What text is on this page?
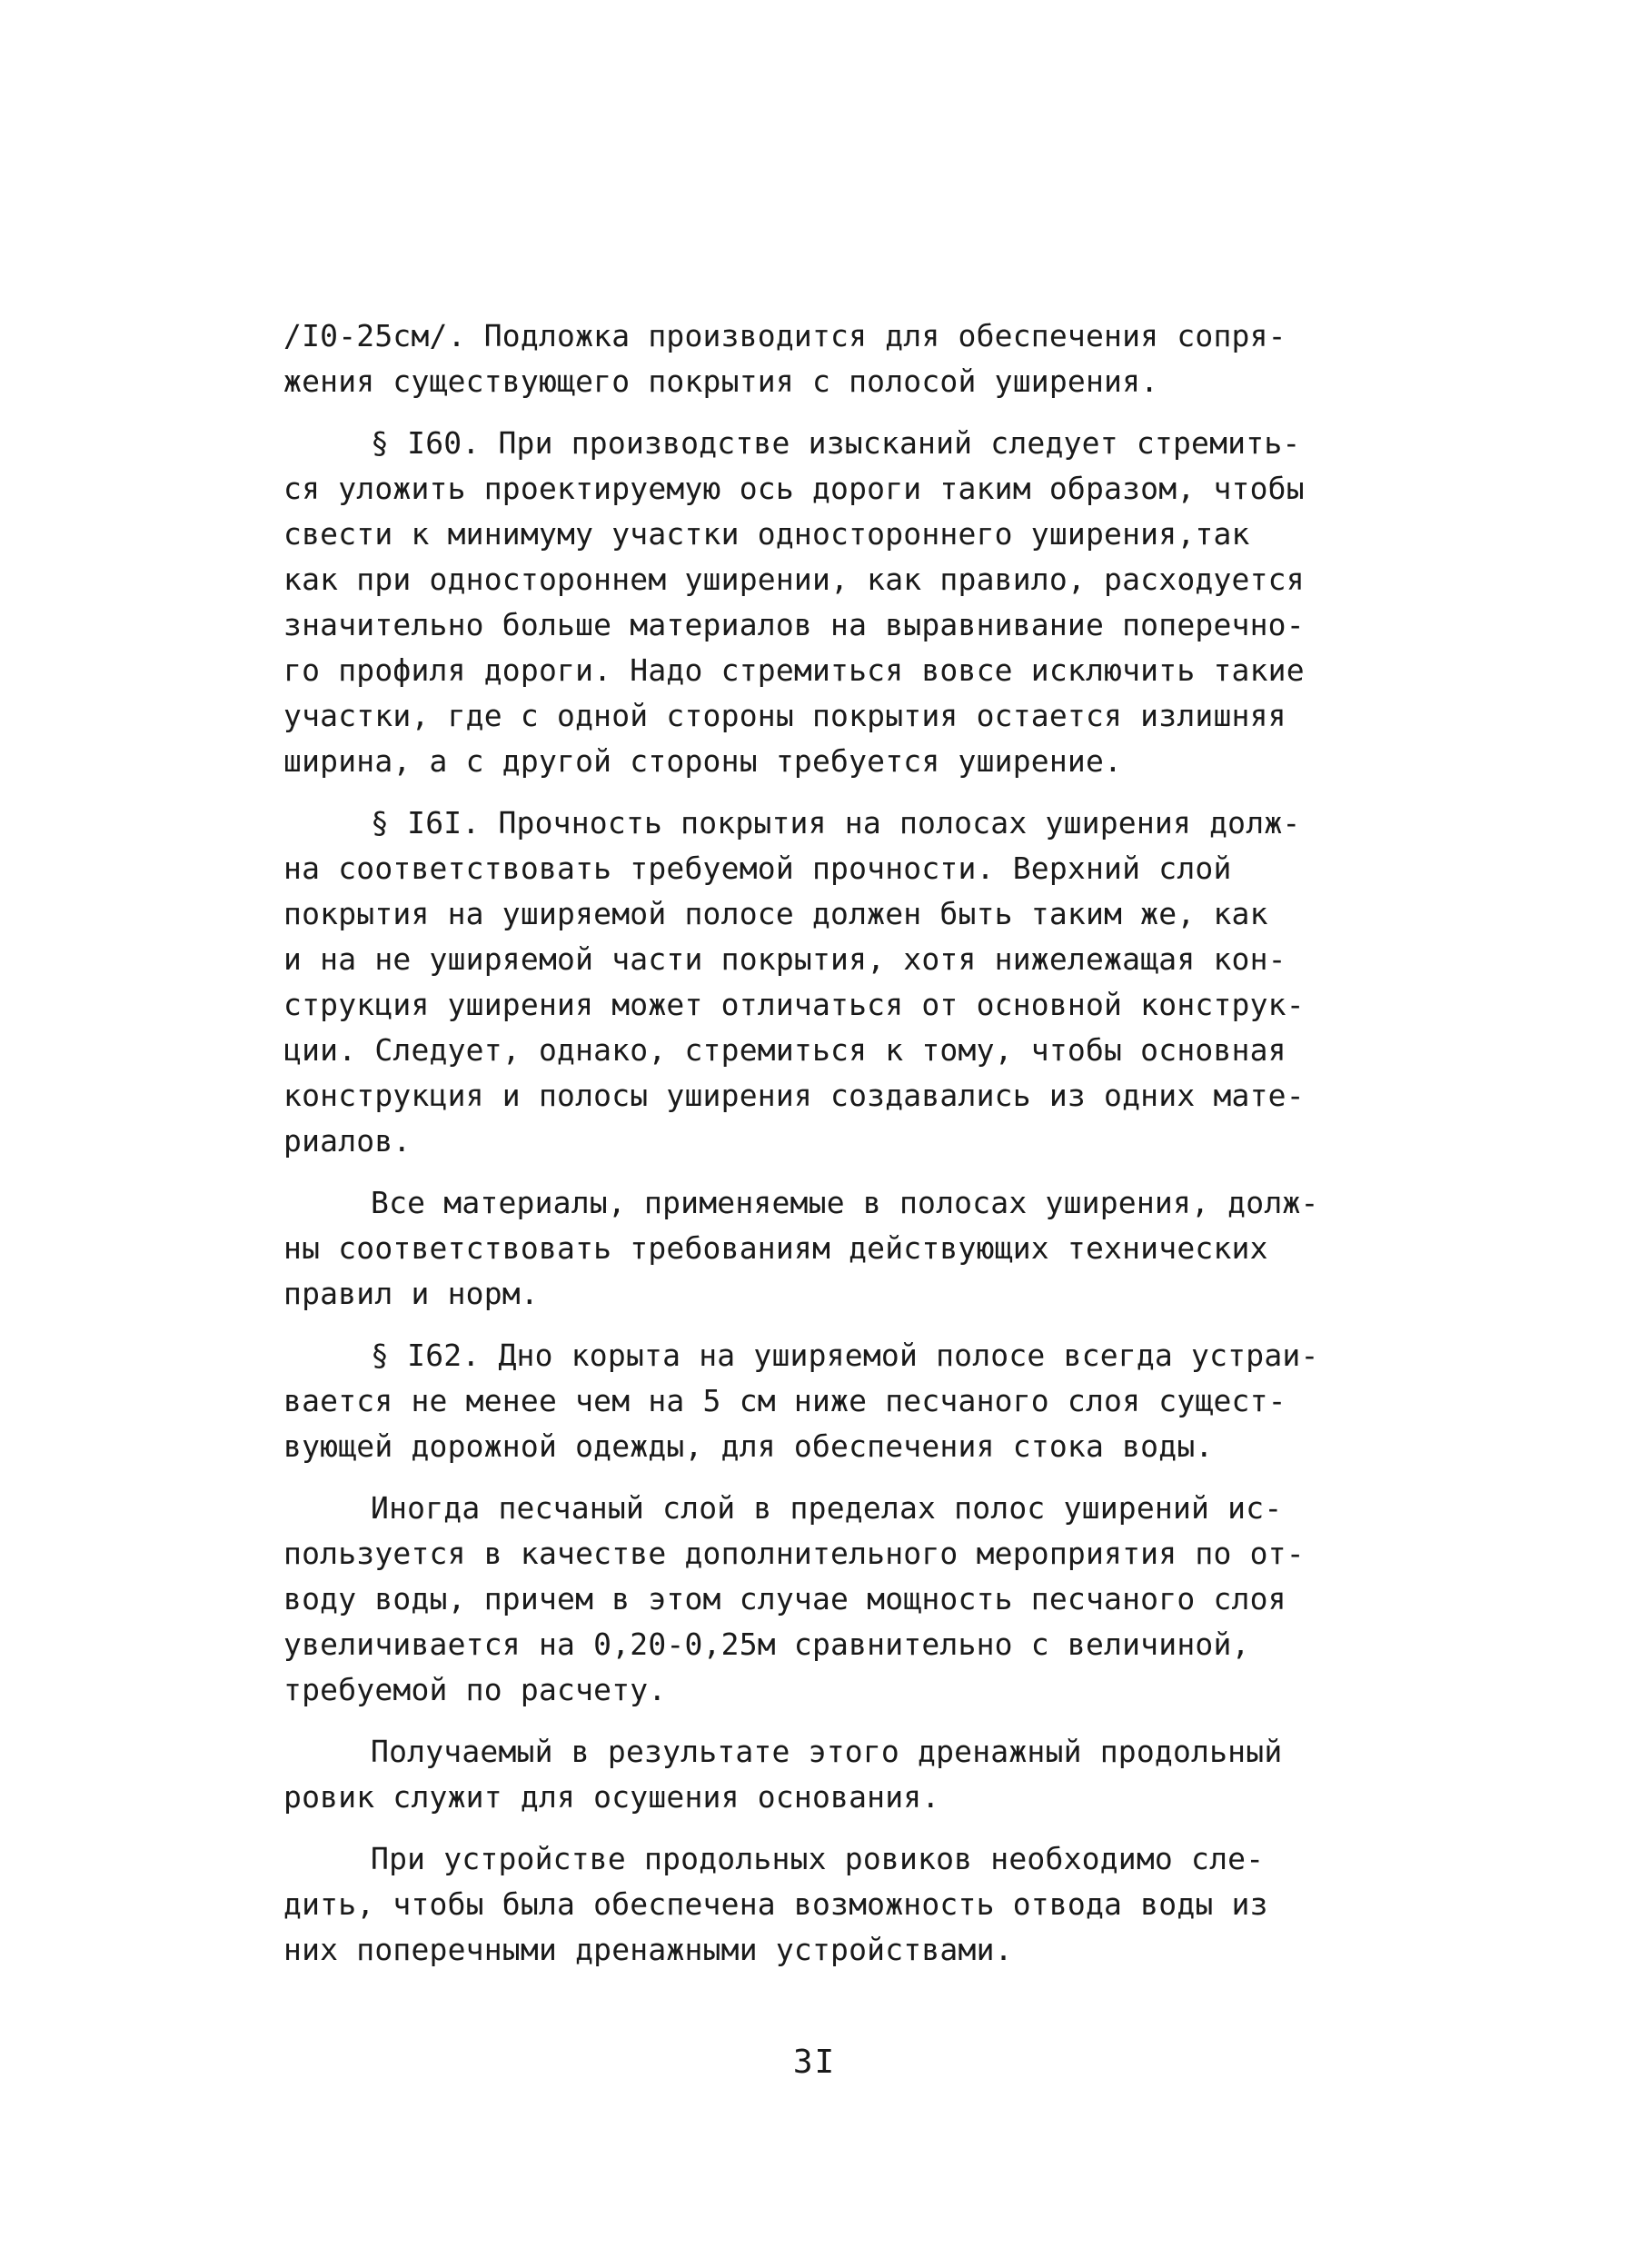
/I0-25см/. Подложка производится для обеспечения сопря-
жения существующего покрытия с полосой уширения.
§ I60. При производстве изысканий следует стремить-
ся уложить проектируемую ось дороги таким образом, чтобы
свести к минимуму участки одностороннего уширения,так
как при одностороннем уширении, как правило, расходуется
значительно больше материалов на выравнивание поперечно-
го профиля дороги. Надо стремиться вовсе исключить такие
участки, где с одной стороны покрытия остается излишняя
ширина, а с другой стороны требуется уширение.
§ I6I. Прочность покрытия на полосах уширения долж-
на соответствовать требуемой прочности. Верхний слой
покрытия на уширяемой полосе должен быть таким же, как
и на не уширяемой части покрытия, хотя нижележащая кон-
струкция уширения может отличаться от основной конструк-
ции. Следует, однако, стремиться к тому, чтобы основная
конструкция и полосы уширения создавались из одних мате-
риалов.
Все материалы, применяемые в полосах уширения, долж-
ны соответствовать требованиям действующих технических
правил и норм.
§ I62. Дно корыта на уширяемой полосе всегда устраи-
вается не менее чем на 5 см ниже песчаного слоя сущест-
вующей дорожной одежды, для обеспечения стока воды.
Иногда песчаный слой в пределах полос уширений ис-
пользуется в качестве дополнительного мероприятия по от-
воду воды, причем в этом случае мощность песчаного слоя
увеличивается на 0,20-0,25м сравнительно с величиной,
требуемой по расчету.
Получаемый в результате этого дренажный продольный
ровик служит для осушения основания.
При устройстве продольных ровиков необходимо сле-
дить, чтобы была обеспечена возможность отвода воды из
них поперечными дренажными устройствами.
3I
